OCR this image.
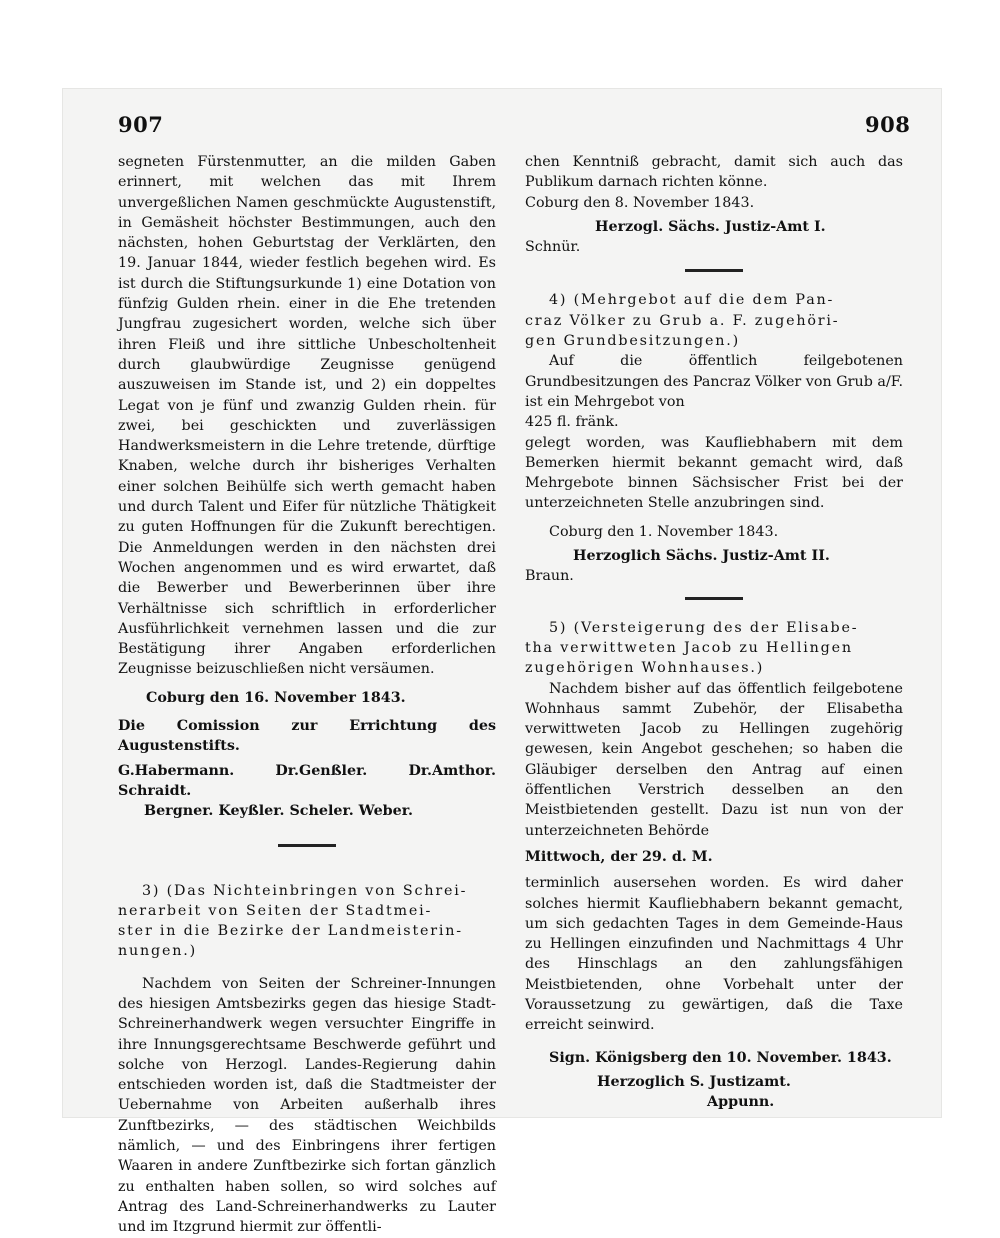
907	908

segneten Fürstenmutter, an die milden Gaben erinnert, mit welchen das mit Ihrem unvergeßlichen Namen geschmückte Augustenstift, in Gemäsheit höchster Bestimmungen, auch den nächsten, hohen Geburtstag der Verklärten, den 19. Januar 1844, wieder festlich begehen wird. Es ist durch die Stiftungsurkunde 1) eine Dotation von fünfzig Gulden rhein. einer in die Ehe tretenden Jungfrau zugesichert worden, welche sich über ihren Fleiß und ihre sittliche Unbescholtenheit durch glaubwürdige Zeugnisse genügend auszuweisen im Stande ist, und 2) ein doppeltes Legat von je fünf und zwanzig Gulden rhein. für zwei, bei geschickten und zuverlässigen Handwerksmeistern in die Lehre tretende, dürftige Knaben, welche durch ihr bisheriges Verhalten einer solchen Beihülfe sich werth gemacht haben und durch Talent und Eifer für nützliche Thätigkeit zu guten Hoffnungen für die Zukunft berechtigen. Die Anmeldungen werden in den nächsten drei Wochen angenommen und es wird erwartet, daß die Bewerber und Bewerberinnen über ihre Verhältnisse sich schriftlich in erforderlicher Ausführlichkeit vernehmen lassen und die zur Bestätigung ihrer Angaben erforderlichen Zeugnisse beizuschließen nicht versäumen.

Coburg den 16. November 1843.

Die Comission zur Errichtung des Augustenstifts.

G.Habermann. Dr.Genßler. Dr.Amthor. Schraidt.

Bergner. Keyßler. Scheler. Weber.

3) (Das Nichteinbringen von Schrei-

nerarbeit von Seiten der Stadtmei-

ster in die Bezirke der Landmeisterin-

nungen.)

Nachdem von Seiten der Schreiner-Innungen des hiesigen Amtsbezirks gegen das hiesige Stadt-Schreinerhandwerk wegen versuchter Eingriffe in ihre Innungsgerechtsame Beschwerde geführt und solche von Herzogl. Landes-Regierung dahin entschieden worden ist, daß die Stadtmeister der Uebernahme von Arbeiten außerhalb ihres Zunftbezirks, — des städtischen Weichbilds nämlich, — und des Einbringens ihrer fertigen Waaren in andere Zunftbezirke sich fortan gänzlich zu enthalten haben sollen, so wird solches auf Antrag des Land-Schreinerhandwerks zu Lauter und im Itzgrund hiermit zur öffentli-

chen Kenntniß gebracht, damit sich auch das Publikum darnach richten könne.

Coburg den 8. November 1843.

Herzogl. Sächs. Justiz-Amt I.

Schnür.

4) (Mehrgebot auf die dem Pan-

craz Völker zu Grub a. F. zugehöri-

gen Grundbesitzungen.)

Auf die öffentlich feilgebotenen Grundbesitzungen des Pancraz Völker von Grub a/F. ist ein Mehrgebot von

425 fl. fränk.

gelegt worden, was Kaufliebhabern mit dem Bemerken hiermit bekannt gemacht wird, daß Mehrgebote binnen Sächsischer Frist bei der unterzeichneten Stelle anzubringen sind.

Coburg den 1. November 1843.

Herzoglich Sächs. Justiz-Amt II.

Braun.

5) (Versteigerung des der Elisabe-

tha verwittweten Jacob zu Hellingen

zugehörigen Wohnhauses.)

Nachdem bisher auf das öffentlich feilgebotene Wohnhaus sammt Zubehör, der Elisabetha verwittweten Jacob zu Hellingen zugehörig gewesen, kein Angebot geschehen; so haben die Gläubiger derselben den Antrag auf einen öffentlichen Verstrich desselben an den Meistbietenden gestellt. Dazu ist nun von der unterzeichneten Behörde

Mittwoch, der 29. d. M.

terminlich ausersehen worden. Es wird daher solches hiermit Kaufliebhabern bekannt gemacht, um sich gedachten Tages in dem Gemeinde-Haus zu Hellingen einzufinden und Nachmittags 4 Uhr des Hinschlags an den zahlungsfähigen Meistbietenden, ohne Vorbehalt unter der Voraussetzung zu gewärtigen, daß die Taxe erreicht seinwird.

Sign. Königsberg den 10. November. 1843.

Herzoglich S. Justizamt.

Appunn.
